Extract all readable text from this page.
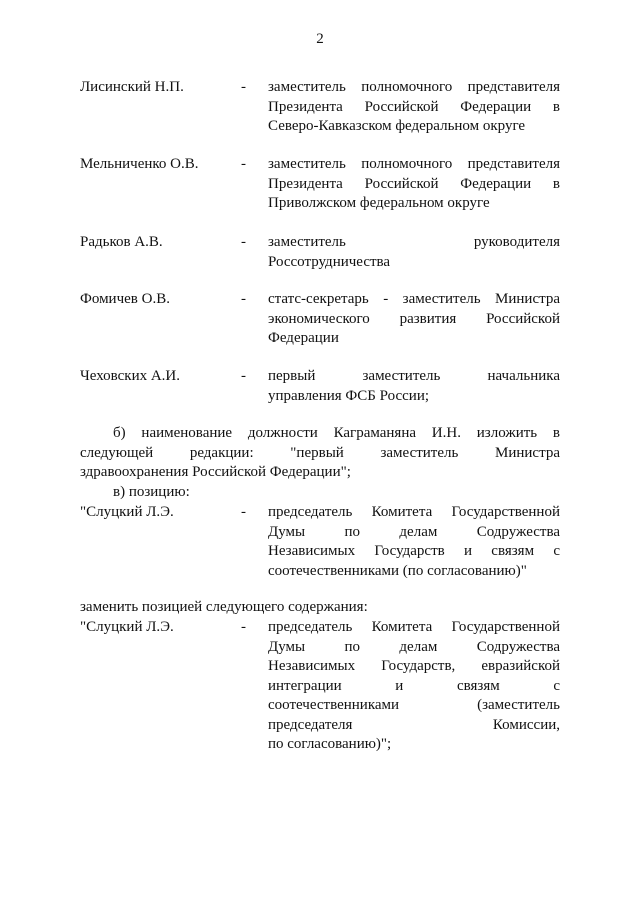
2
Лисинский Н.П.	- заместитель полномочного представителя
Президента Российской Федерации в
Северо-Кавказском федеральном округе
Мельниченко О.В.	- заместитель полномочного представителя
Президента Российской Федерации в
Приволжском федеральном округе
Радьков А.В.	- заместитель руководителя
Россотрудничества
Фомичев О.В.	- статс-секретарь - заместитель Министра
экономического развития Российской
Федерации
Чеховских А.И.	- первый заместитель начальника
управления ФСБ России;
б) наименование должности Каграманяна И.Н. изложить в
следующей редакции: "первый заместитель Министра
здравоохранения Российской Федерации";
в) позицию:
"Слуцкий Л.Э.	- председатель Комитета Государственной
Думы по делам Содружества
Независимых Государств и связям с
соотечественниками (по согласованию)"
заменить позицией следующего содержания:
"Слуцкий Л.Э.	- председатель Комитета Государственной
Думы по делам Содружества
Независимых Государств, евразийской
интеграции и связям с
соотечественниками (заместитель
председателя Комиссии,
по согласованию)";
